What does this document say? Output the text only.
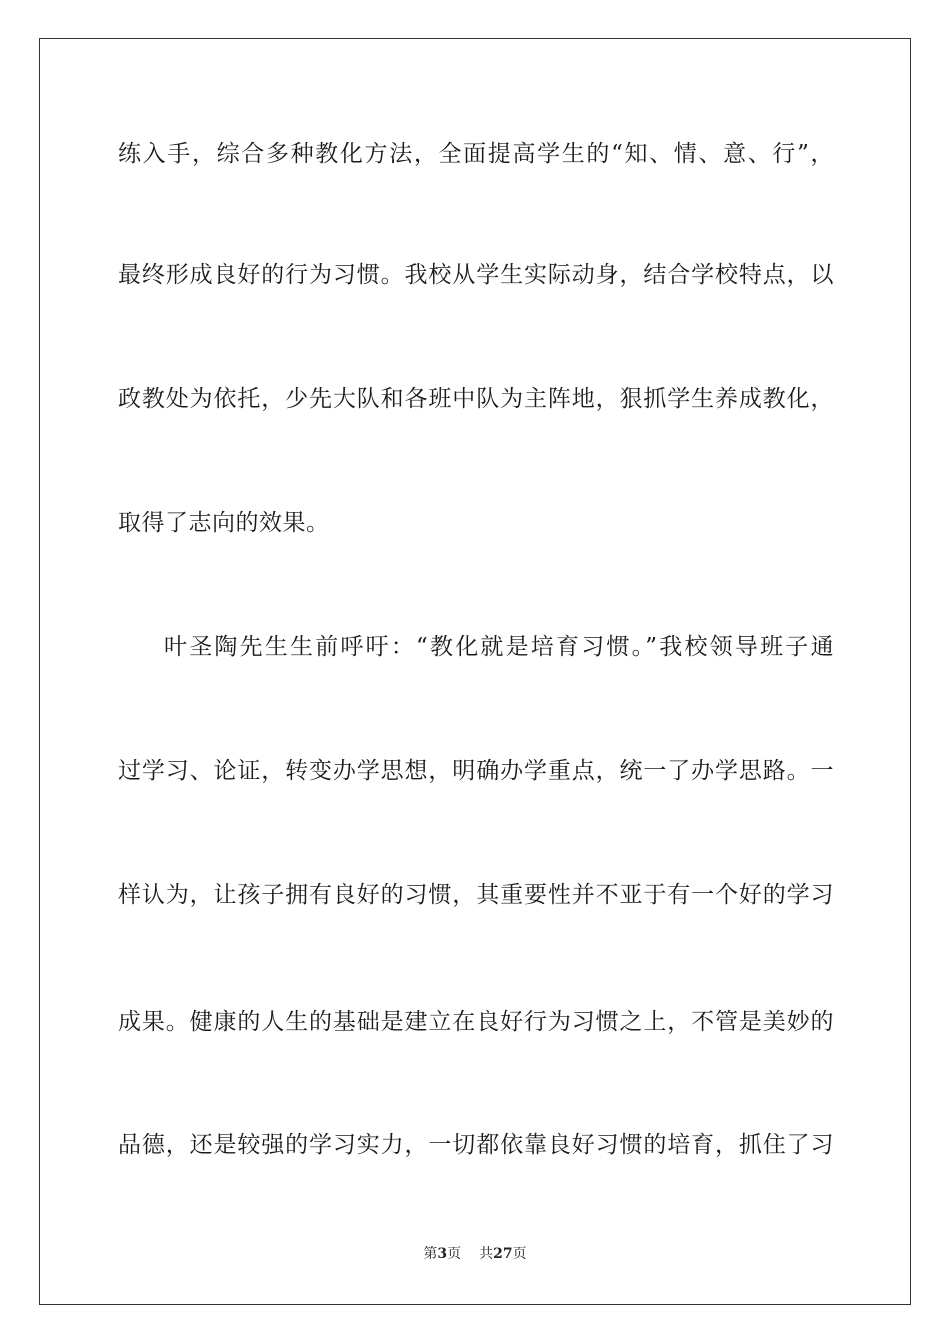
练入手，综合多种教化方法，全面提高学生的“知、情、意、行”，
最终形成良好的行为习惯。我校从学生实际动身，结合学校特点，以
政教处为依托，少先大队和各班中队为主阵地，狠抓学生养成教化，
取得了志向的效果。
叶圣陶先生生前呼吁：“教化就是培育习惯。”我校领导班子通
过学习、论证，转变办学思想，明确办学重点，统一了办学思路。一
样认为，让孩子拥有良好的习惯，其重要性并不亚于有一个好的学习
成果。健康的人生的基础是建立在良好行为习惯之上，不管是美妙的
品德，还是较强的学习实力，一切都依靠良好习惯的培育，抓住了习
第3页 共27页
